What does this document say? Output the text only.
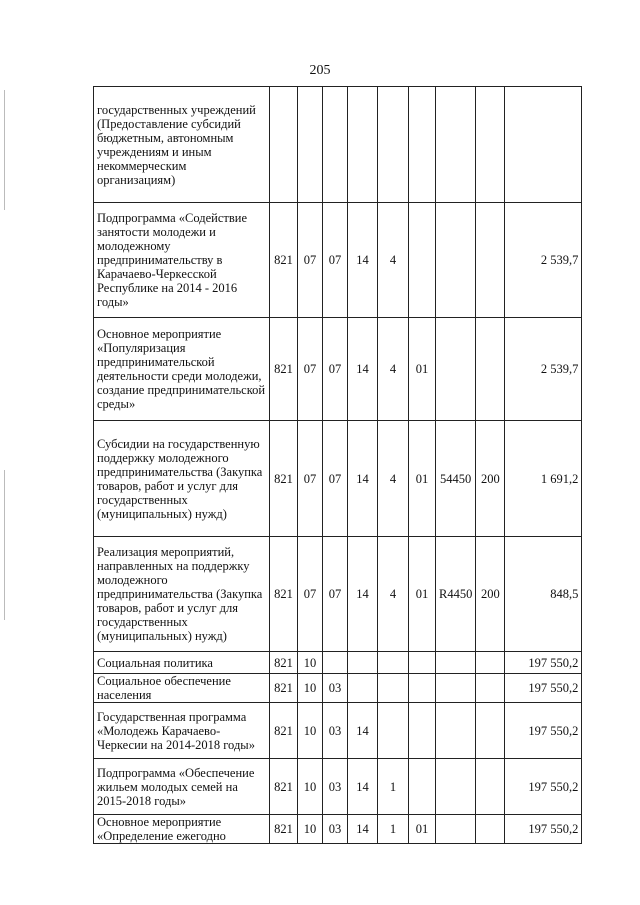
205
государственных учреждений (Предоставление субсидий бюджетным, автономным учреждениям и иным некоммерческим организациям)									
Подпрограмма «Содействие занятости молодежи и молодежному предпринимательству в Карачаево-Черкесской Республике на 2014 - 2016 годы»	821	07	07	14	4				2 539,7
Основное мероприятие «Популяризация предпринимательской деятельности среди молодежи, создание предпринимательской среды»	821	07	07	14	4	01			2 539,7
Субсидии на государственную поддержку молодежного предпринимательства (Закупка товаров, работ и услуг для государственных (муниципальных) нужд)	821	07	07	14	4	01	54450	200	1 691,2
Реализация мероприятий, направленных на поддержку молодежного предпринимательства (Закупка товаров, работ и услуг для государственных (муниципальных) нужд)	821	07	07	14	4	01	R4450	200	848,5
Социальная политика	821	10							197 550,2
Социальное обеспечение населения	821	10	03						197 550,2
Государственная программа «Молодежь Карачаево-Черкесии на 2014-2018 годы»	821	10	03	14					197 550,2
Подпрограмма «Обеспечение жильем молодых семей на 2015-2018 годы»	821	10	03	14	1				197 550,2
Основное мероприятие «Определение ежегодно	821	10	03	14	1	01			197 550,2
